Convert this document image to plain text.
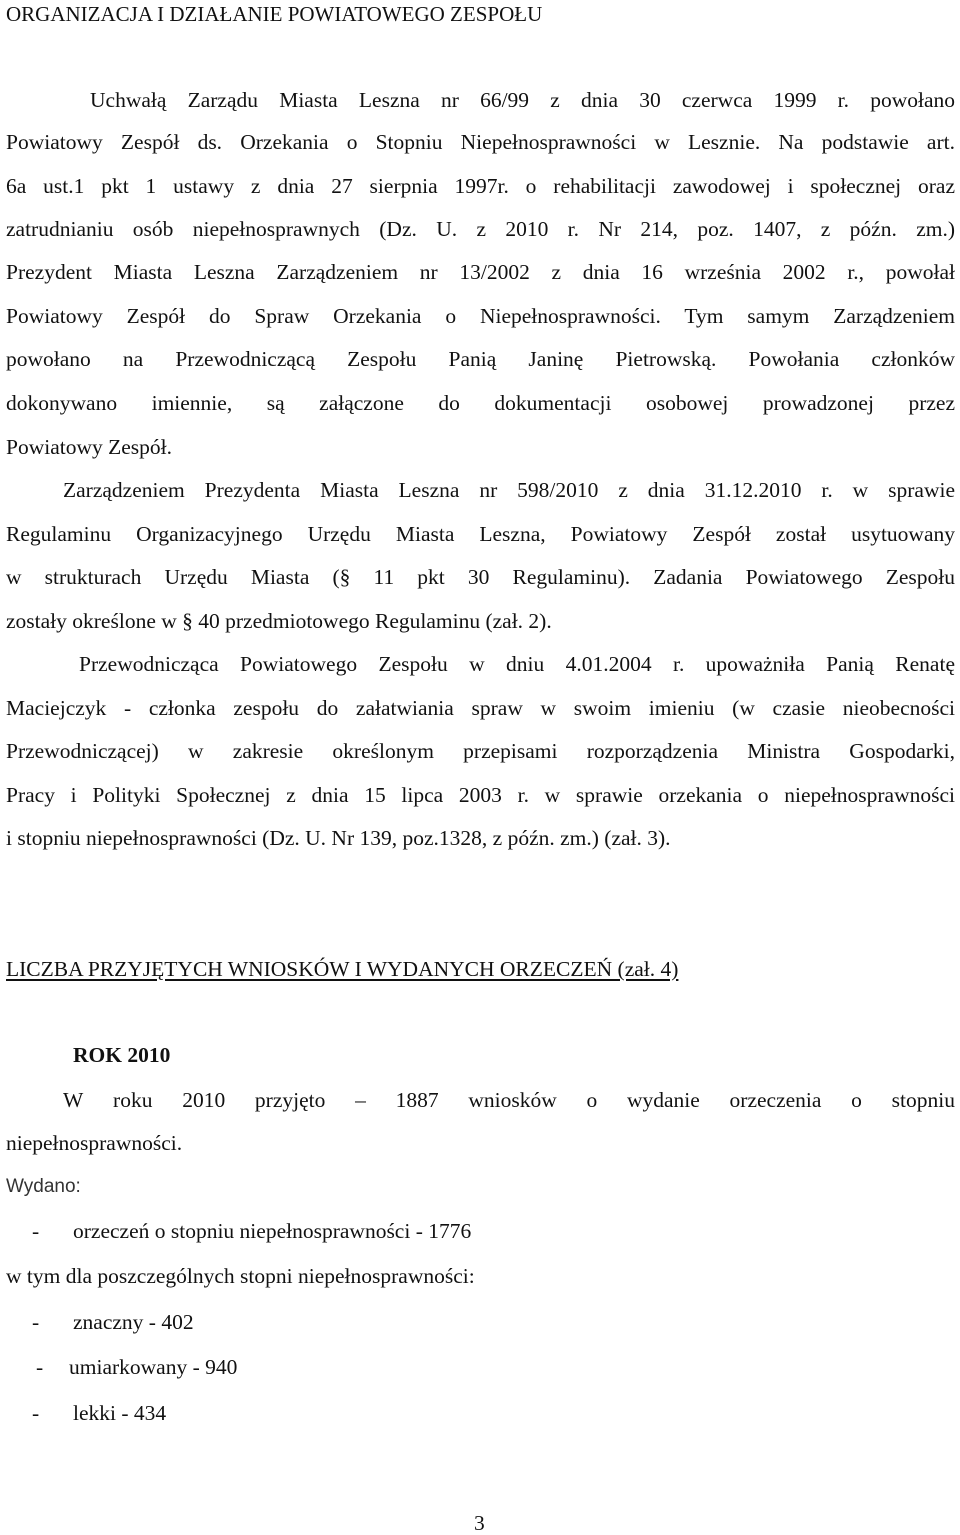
ORGANIZACJA I DZIAŁANIE POWIATOWEGO ZESPOŁU
Uchwałą Zarządu Miasta Leszna nr 66/99 z dnia 30 czerwca 1999 r. powołano
Powiatowy Zespół ds. Orzekania o Stopniu Niepełnosprawności w Lesznie. Na podstawie art.
6a ust.1 pkt 1 ustawy z dnia 27 sierpnia 1997r. o rehabilitacji zawodowej i społecznej oraz
zatrudnianiu osób niepełnosprawnych (Dz. U. z 2010 r. Nr 214, poz. 1407, z późn. zm.)
Prezydent Miasta Leszna Zarządzeniem nr 13/2002 z dnia 16 września 2002 r., powołał
Powiatowy Zespół do Spraw Orzekania o Niepełnosprawności. Tym samym Zarządzeniem
powołano na Przewodniczącą Zespołu Panią Janinę Pietrowską. Powołania członków
dokonywano imiennie, są załączone do dokumentacji osobowej prowadzonej przez
Powiatowy Zespół.
Zarządzeniem Prezydenta Miasta Leszna nr 598/2010 z dnia 31.12.2010 r. w sprawie
Regulaminu Organizacyjnego Urzędu Miasta Leszna, Powiatowy Zespół został usytuowany
w strukturach Urzędu Miasta (§ 11 pkt 30 Regulaminu). Zadania Powiatowego Zespołu
zostały określone w § 40 przedmiotowego Regulaminu (zał. 2).
Przewodnicząca Powiatowego Zespołu w dniu 4.01.2004 r. upoważniła Panią Renatę
Maciejczyk - członka zespołu do załatwiania spraw w swoim imieniu (w czasie nieobecności
Przewodniczącej) w zakresie określonym przepisami rozporządzenia Ministra Gospodarki,
Pracy i Polityki Społecznej z dnia 15 lipca 2003 r. w sprawie orzekania o niepełnosprawności
i stopniu niepełnosprawności (Dz. U. Nr 139, poz.1328, z późn. zm.) (zał. 3).
LICZBA PRZYJĘTYCH WNIOSKÓW I WYDANYCH ORZECZEŃ (zał. 4)
ROK 2010
W roku 2010 przyjęto – 1887 wniosków o wydanie orzeczenia o stopniu
niepełnosprawności.
Wydano:
- orzeczeń o stopniu niepełnosprawności - 1776
w tym dla poszczególnych stopni niepełnosprawności:
- znaczny - 402
- umiarkowany - 940
- lekki - 434
3
